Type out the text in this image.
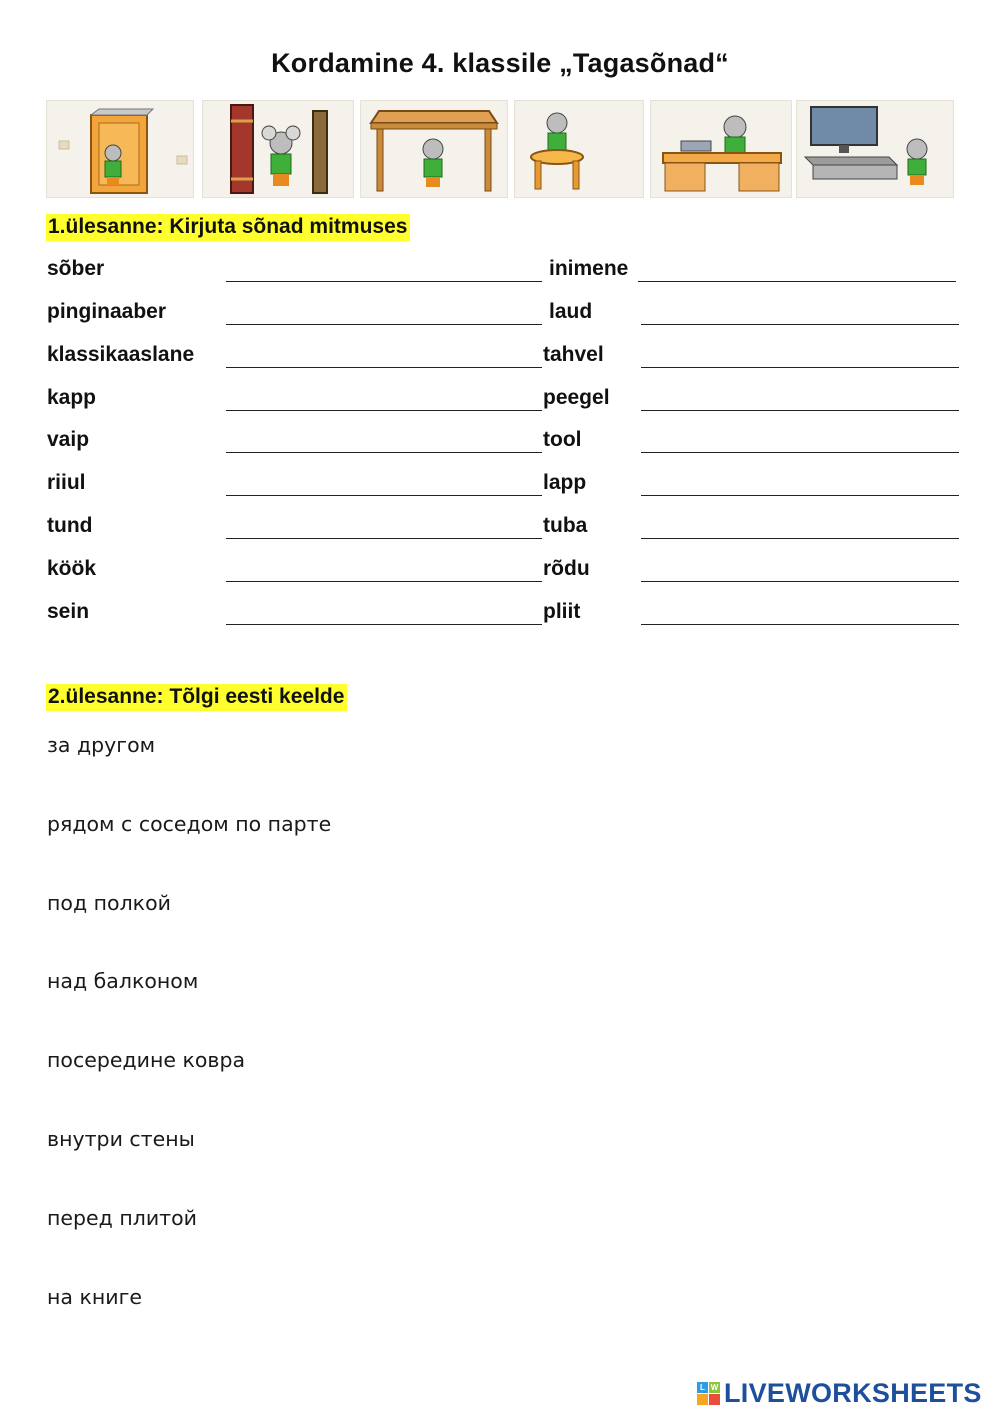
Kordamine 4. klassile „Tagasõnad“
1.ülesanne: Kirjuta sõnad mitmuses
sõber	inimene
pinginaaber	laud
klassikaaslane	tahvel
kapp	peegel
vaip	tool
riiul	lapp
tund	tuba
köök	rõdu
sein	pliit
2.ülesanne: Tõlgi eesti keelde
за другом
рядом с соседом по парте
под полкой
над балконом
посередине ковра
внутри стены
перед плитой
на книге
L W LIVEWORKSHEETS
